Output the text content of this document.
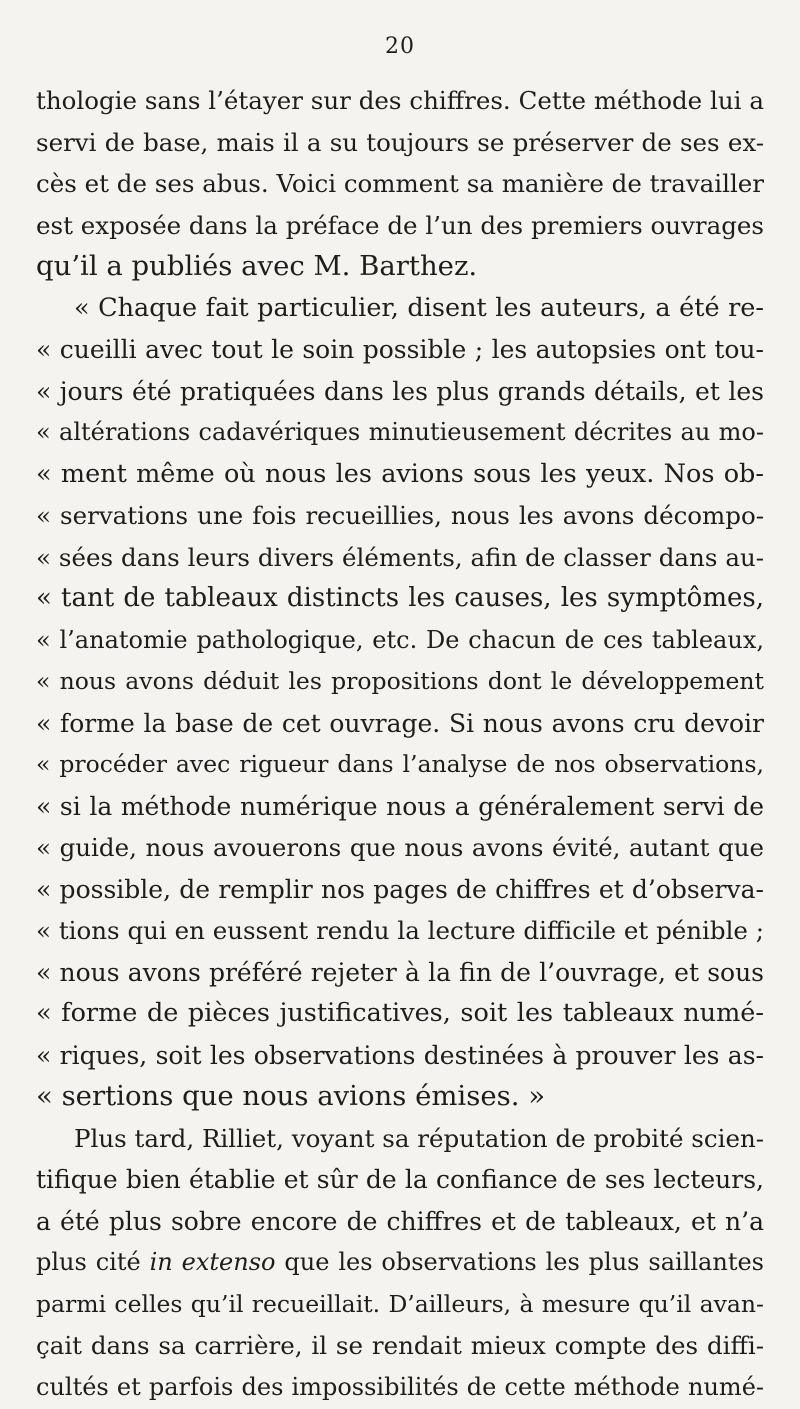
20
thologie sans l’étayer sur des chiffres. Cette méthode lui a
servi de base, mais il a su toujours se préserver de ses ex-
cès et de ses abus. Voici comment sa manière de travailler
est exposée dans la préface de l’un des premiers ouvrages
qu’il a publiés avec M. Barthez.
« Chaque fait particulier, disent les auteurs, a été re-
« cueilli avec tout le soin possible ; les autopsies ont tou-
« jours été pratiquées dans les plus grands détails, et les
« altérations cadavériques minutieusement décrites au mo-
« ment même où nous les avions sous les yeux. Nos ob-
« servations une fois recueillies, nous les avons décompo-
« sées dans leurs divers éléments, afin de classer dans au-
« tant de tableaux distincts les causes, les symptômes,
« l’anatomie pathologique, etc. De chacun de ces tableaux,
« nous avons déduit les propositions dont le développement
« forme la base de cet ouvrage. Si nous avons cru devoir
« procéder avec rigueur dans l’analyse de nos observations,
« si la méthode numérique nous a généralement servi de
« guide, nous avouerons que nous avons évité, autant que
« possible, de remplir nos pages de chiffres et d’observa-
« tions qui en eussent rendu la lecture difficile et pénible ;
« nous avons préféré rejeter à la fin de l’ouvrage, et sous
« forme de pièces justificatives, soit les tableaux numé-
« riques, soit les observations destinées à prouver les as-
« sertions que nous avions émises. »
Plus tard, Rilliet, voyant sa réputation de probité scien-
tifique bien établie et sûr de la confiance de ses lecteurs,
a été plus sobre encore de chiffres et de tableaux, et n’a
plus cité in extenso que les observations les plus saillantes
parmi celles qu’il recueillait. D’ailleurs, à mesure qu’il avan-
çait dans sa carrière, il se rendait mieux compte des diffi-
cultés et parfois des impossibilités de cette méthode numé-
